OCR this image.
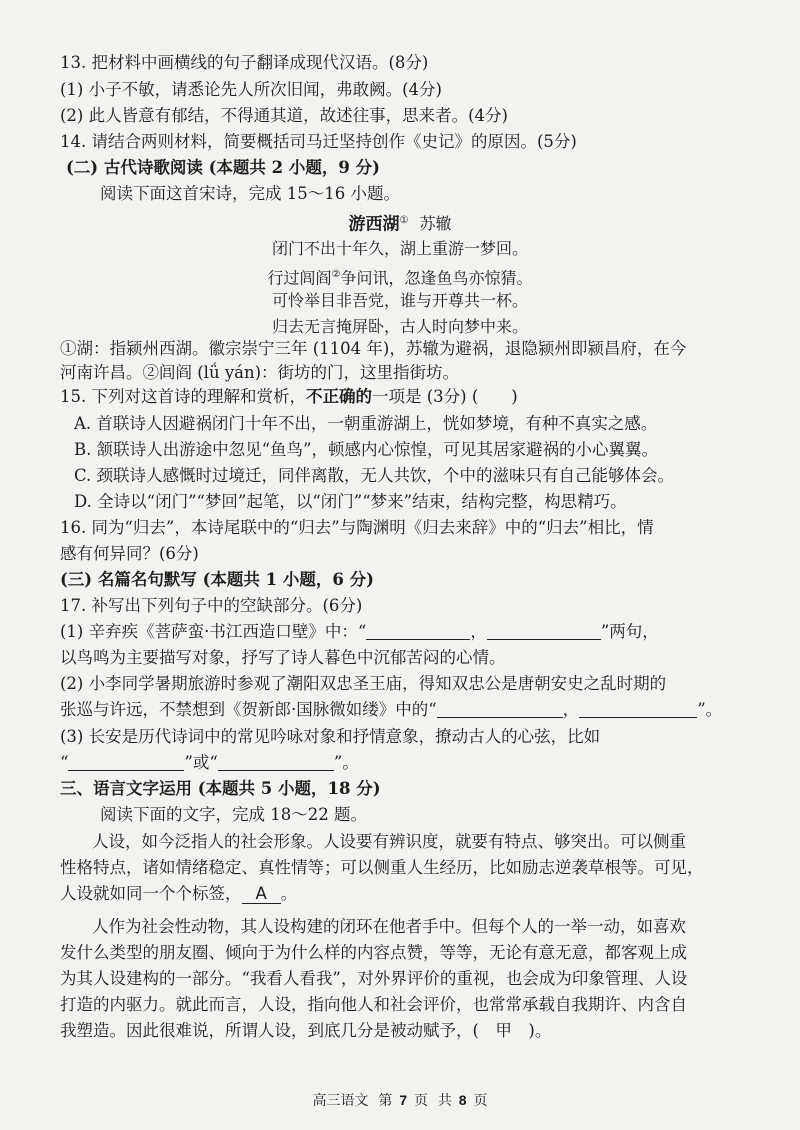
13. 把材料中画横线的句子翻译成现代汉语。(8分)
(1) 小子不敏，请悉论先人所次旧闻，弗敢阙。(4分)
(2) 此人皆意有郁结，不得通其道，故述往事，思来者。(4分)
14. 请结合两则材料，简要概括司马迁坚持创作《史记》的原因。(5分)
(二) 古代诗歌阅读 (本题共 2 小题，9 分)
阅读下面这首宋诗，完成 15～16 小题。
游西湖① 苏辙
闭门不出十年久，湖上重游一梦回。
行过闾阎②争问讯，忽逢鱼鸟亦惊猜。
可怜举目非吾党，谁与开尊共一杯。
归去无言掩屏卧，古人时向梦中来。
①湖：指颍州西湖。徽宗崇宁三年 (1104 年)，苏辙为避祸，退隐颍州即颍昌府，在今
河南许昌。②闾阎 (lǘ yán)：街坊的门，这里指街坊。
15. 下列对这首诗的理解和赏析，不正确的一项是 (3分) (　　)
A. 首联诗人因避祸闭门十年不出，一朝重游湖上，恍如梦境，有种不真实之感。
B. 颔联诗人出游途中忽见“鱼鸟”，顿感内心惊惶，可见其居家避祸的小心翼翼。
C. 颈联诗人感慨时过境迁，同伴离散，无人共饮，个中的滋味只有自己能够体会。
D. 全诗以“闭门”“梦回”起笔，以“闭门”“梦来”结束，结构完整，构思精巧。
16. 同为“归去”，本诗尾联中的“归去”与陶渊明《归去来辞》中的“归去”相比，情
感有何异同？(6分)
(三) 名篇名句默写 (本题共 1 小题，6 分)
17. 补写出下列句子中的空缺部分。(6分)
(1) 辛弃疾《菩萨蛮·书江西造口壁》中：“	，	”两句，
以鸟鸣为主要描写对象，抒写了诗人暮色中沉郁苦闷的心情。
(2) 小李同学暑期旅游时参观了潮阳双忠圣王庙，得知双忠公是唐朝安史之乱时期的
张巡与许远，不禁想到《贺新郎·国脉微如缕》中的“	，	”。
(3) 长安是历代诗词中的常见吟咏对象和抒情意象，撩动古人的心弦，比如
“	”或“	”。
三、语言文字运用 (本题共 5 小题，18 分)
阅读下面的文字，完成 18～22 题。
人设，如今泛指人的社会形象。人设要有辨识度，就要有特点、够突出。可以侧重
性格特点，诸如情绪稳定、真性情等；可以侧重人生经历，比如励志逆袭草根等。可见，
人设就如同一个个标签， A 。
人作为社会性动物，其人设构建的闭环在他者手中。但每个人的一举一动，如喜欢
发什么类型的朋友圈、倾向于为什么样的内容点赞，等等，无论有意无意，都客观上成
为其人设建构的一部分。“我看人看我”，对外界评价的重视，也会成为印象管理、人设
打造的内驱力。就此而言，人设，指向他人和社会评价，也常常承载自我期许、内含自
我塑造。因此很难说，所谓人设，到底几分是被动赋予，(　甲　)。
高三语文 第 7 页 共 8 页
